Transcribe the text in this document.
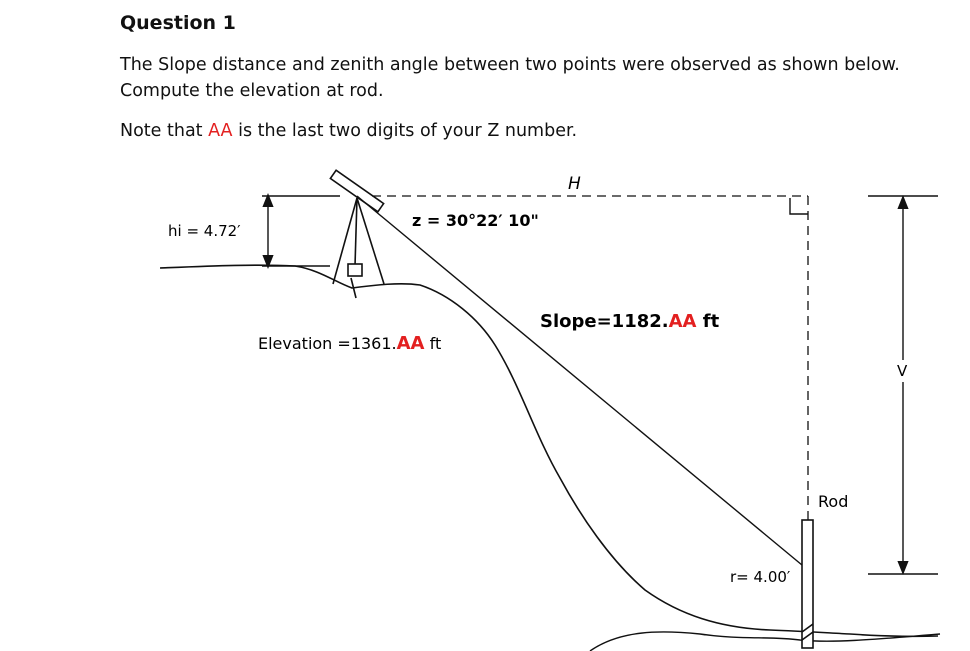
Question 1
The Slope distance and zenith angle between two points were observed as shown below. Compute the elevation at rod.
Note that AA is the last two digits of your Z number.
H
V
hi = 4.72′
z = 30°22′ 10"
Slope=1182.AA ft
Elevation =1361.AA ft
r= 4.00′
Rod
